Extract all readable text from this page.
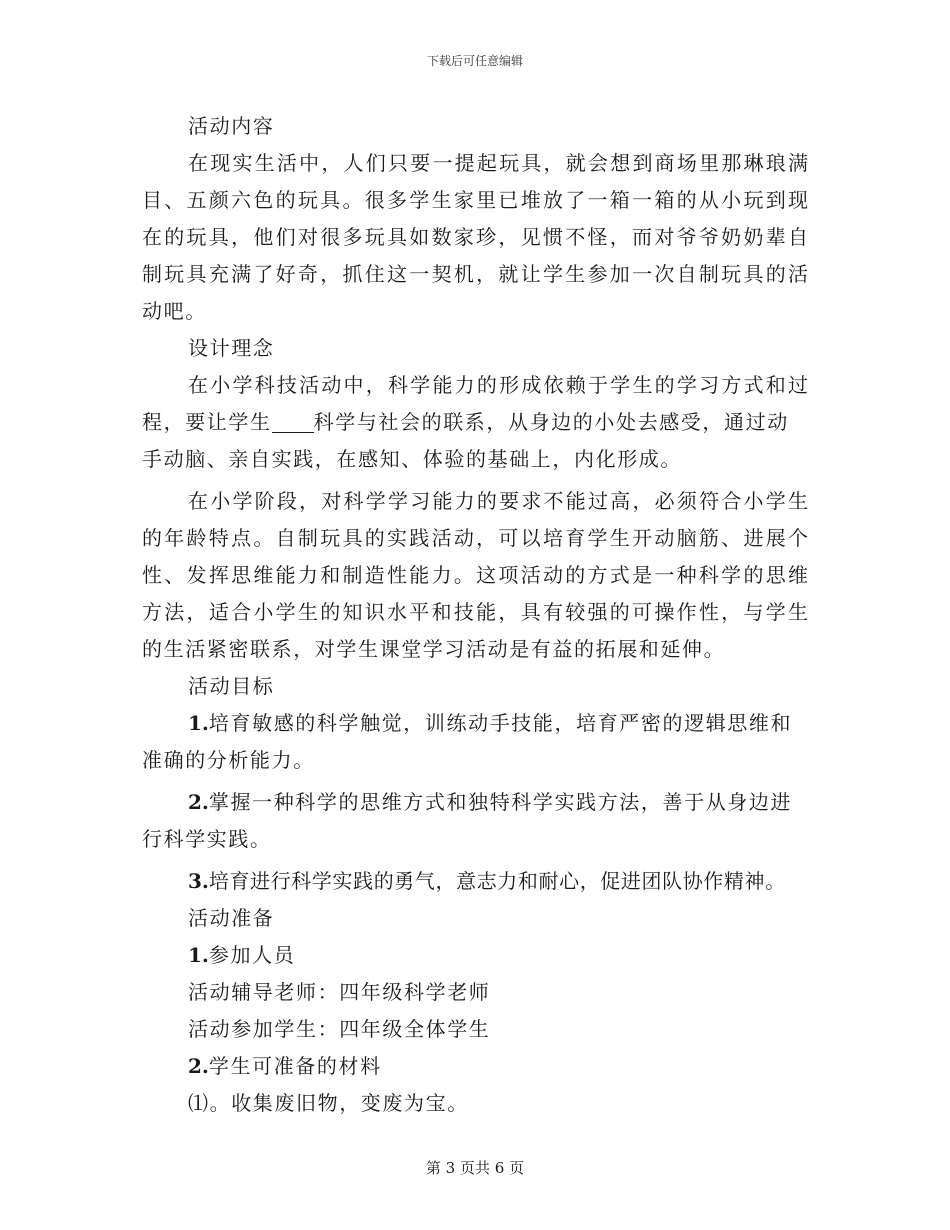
下载后可任意编辑
活动内容
在现实生活中，人们只要一提起玩具，就会想到商场里那琳琅满
目、五颜六色的玩具。很多学生家里已堆放了一箱一箱的从小玩到现
在的玩具，他们对很多玩具如数家珍，见惯不怪，而对爷爷奶奶辈自
制玩具充满了好奇，抓住这一契机，就让学生参加一次自制玩具的活
动吧。
设计理念
在小学科技活动中，科学能力的形成依赖于学生的学习方式和过
程，要让学生 科学与社会的联系，从身边的小处去感受，通过动
手动脑、亲自实践，在感知、体验的基础上，内化形成。
在小学阶段，对科学学习能力的要求不能过高，必须符合小学生
的年龄特点。自制玩具的实践活动，可以培育学生开动脑筋、进展个
性、发挥思维能力和制造性能力。这项活动的方式是一种科学的思维
方法，适合小学生的知识水平和技能，具有较强的可操作性，与学生
的生活紧密联系，对学生课堂学习活动是有益的拓展和延伸。
活动目标
1.培育敏感的科学触觉，训练动手技能，培育严密的逻辑思维和
准确的分析能力。
2.掌握一种科学的思维方式和独特科学实践方法，善于从身边进
行科学实践。
3.培育进行科学实践的勇气，意志力和耐心，促进团队协作精神。
活动准备
1.参加人员
活动辅导老师：四年级科学老师
活动参加学生：四年级全体学生
2.学生可准备的材料
⑴。收集废旧物，变废为宝。
第 3 页共 6 页
